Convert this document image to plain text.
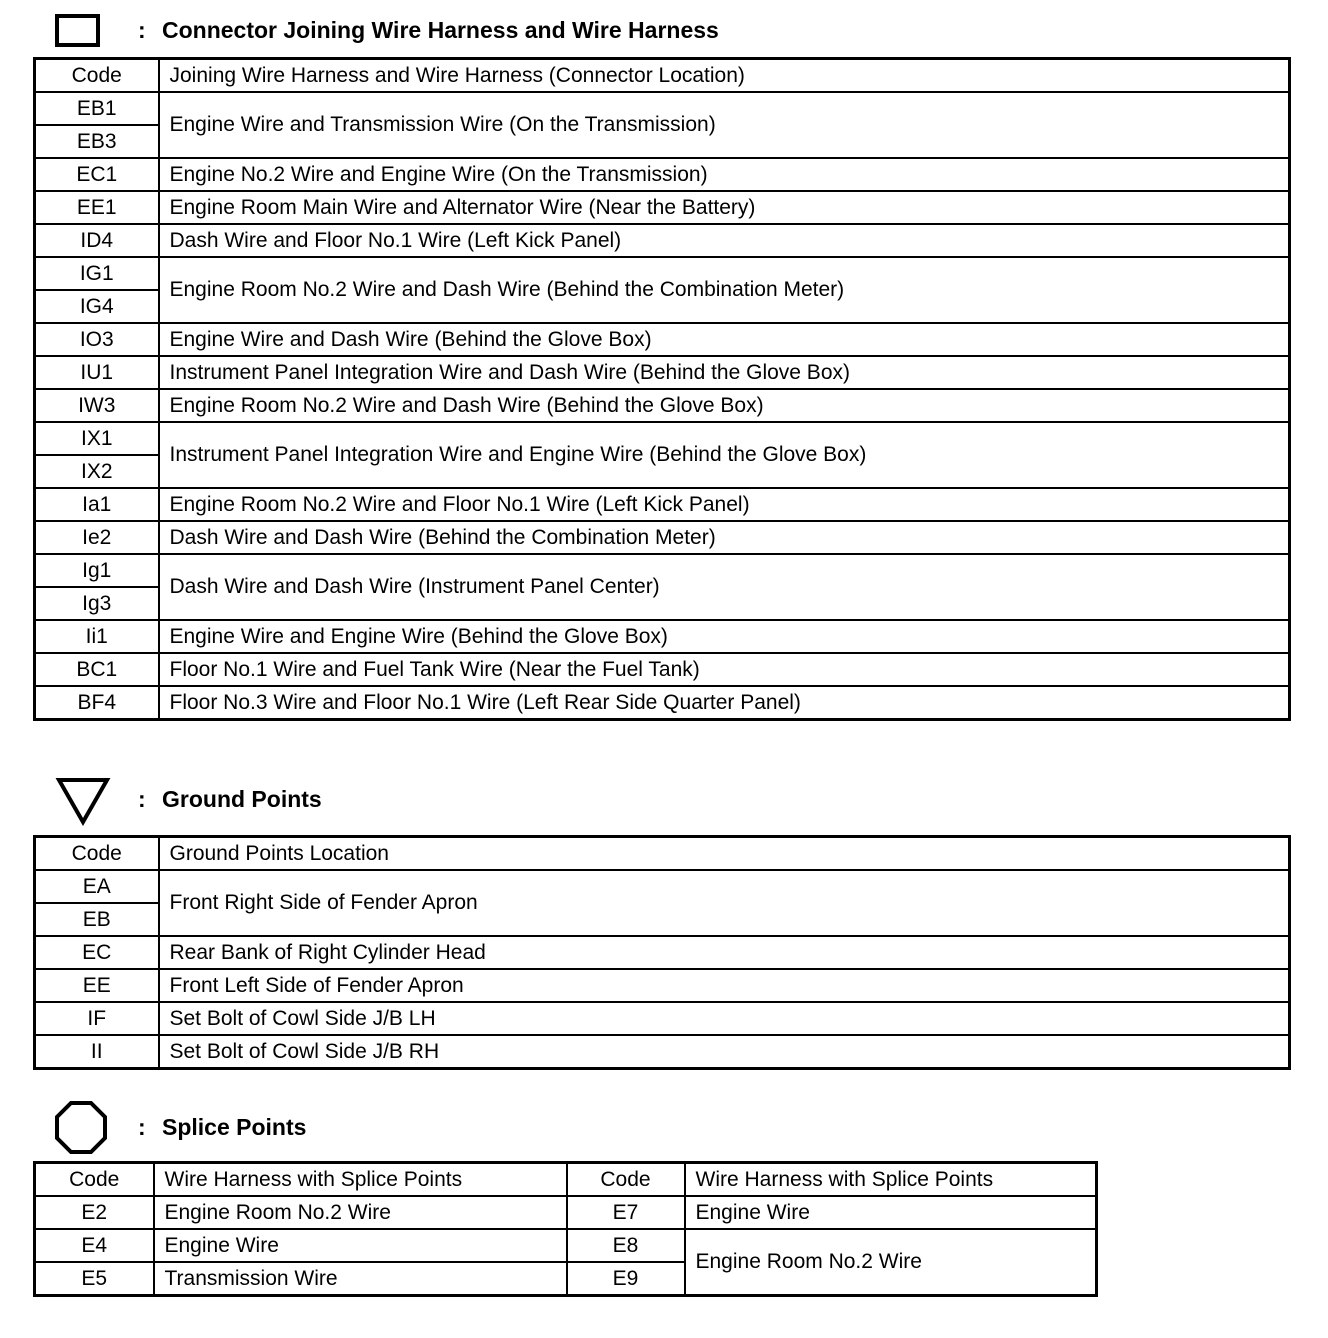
: Connector Joining Wire Harness and Wire Harness
Code	Joining Wire Harness and Wire Harness (Connector Location)
EB1	Engine Wire and Transmission Wire (On the Transmission)
EB3	
EC1	Engine No.2 Wire and Engine Wire (On the Transmission)
EE1	Engine Room Main Wire and Alternator Wire (Near the Battery)
ID4	Dash Wire and Floor No.1 Wire (Left Kick Panel)
IG1	Engine Room No.2 Wire and Dash Wire (Behind the Combination Meter)
IG4	
IO3	Engine Wire and Dash Wire (Behind the Glove Box)
IU1	Instrument Panel Integration Wire and Dash Wire (Behind the Glove Box)
IW3	Engine Room No.2 Wire and Dash Wire (Behind the Glove Box)
IX1	Instrument Panel Integration Wire and Engine Wire (Behind the Glove Box)
IX2	
Ia1	Engine Room No.2 Wire and Floor No.1 Wire (Left Kick Panel)
Ie2	Dash Wire and Dash Wire (Behind the Combination Meter)
Ig1	Dash Wire and Dash Wire (Instrument Panel Center)
Ig3	
Ii1	Engine Wire and Engine Wire (Behind the Glove Box)
BC1	Floor No.1 Wire and Fuel Tank Wire (Near the Fuel Tank)
BF4	Floor No.3 Wire and Floor No.1 Wire (Left Rear Side Quarter Panel)
: Ground Points
Code	Ground Points Location
EA	Front Right Side of Fender Apron
EB	
EC	Rear Bank of Right Cylinder Head
EE	Front Left Side of Fender Apron
IF	Set Bolt of Cowl Side J/B LH
II	Set Bolt of Cowl Side J/B RH
: Splice Points
Code	Wire Harness with Splice Points	Code	Wire Harness with Splice Points
E2	Engine Room No.2 Wire	E7	Engine Wire
E4	Engine Wire	E8	Engine Room No.2 Wire
E5	Transmission Wire	E9	
